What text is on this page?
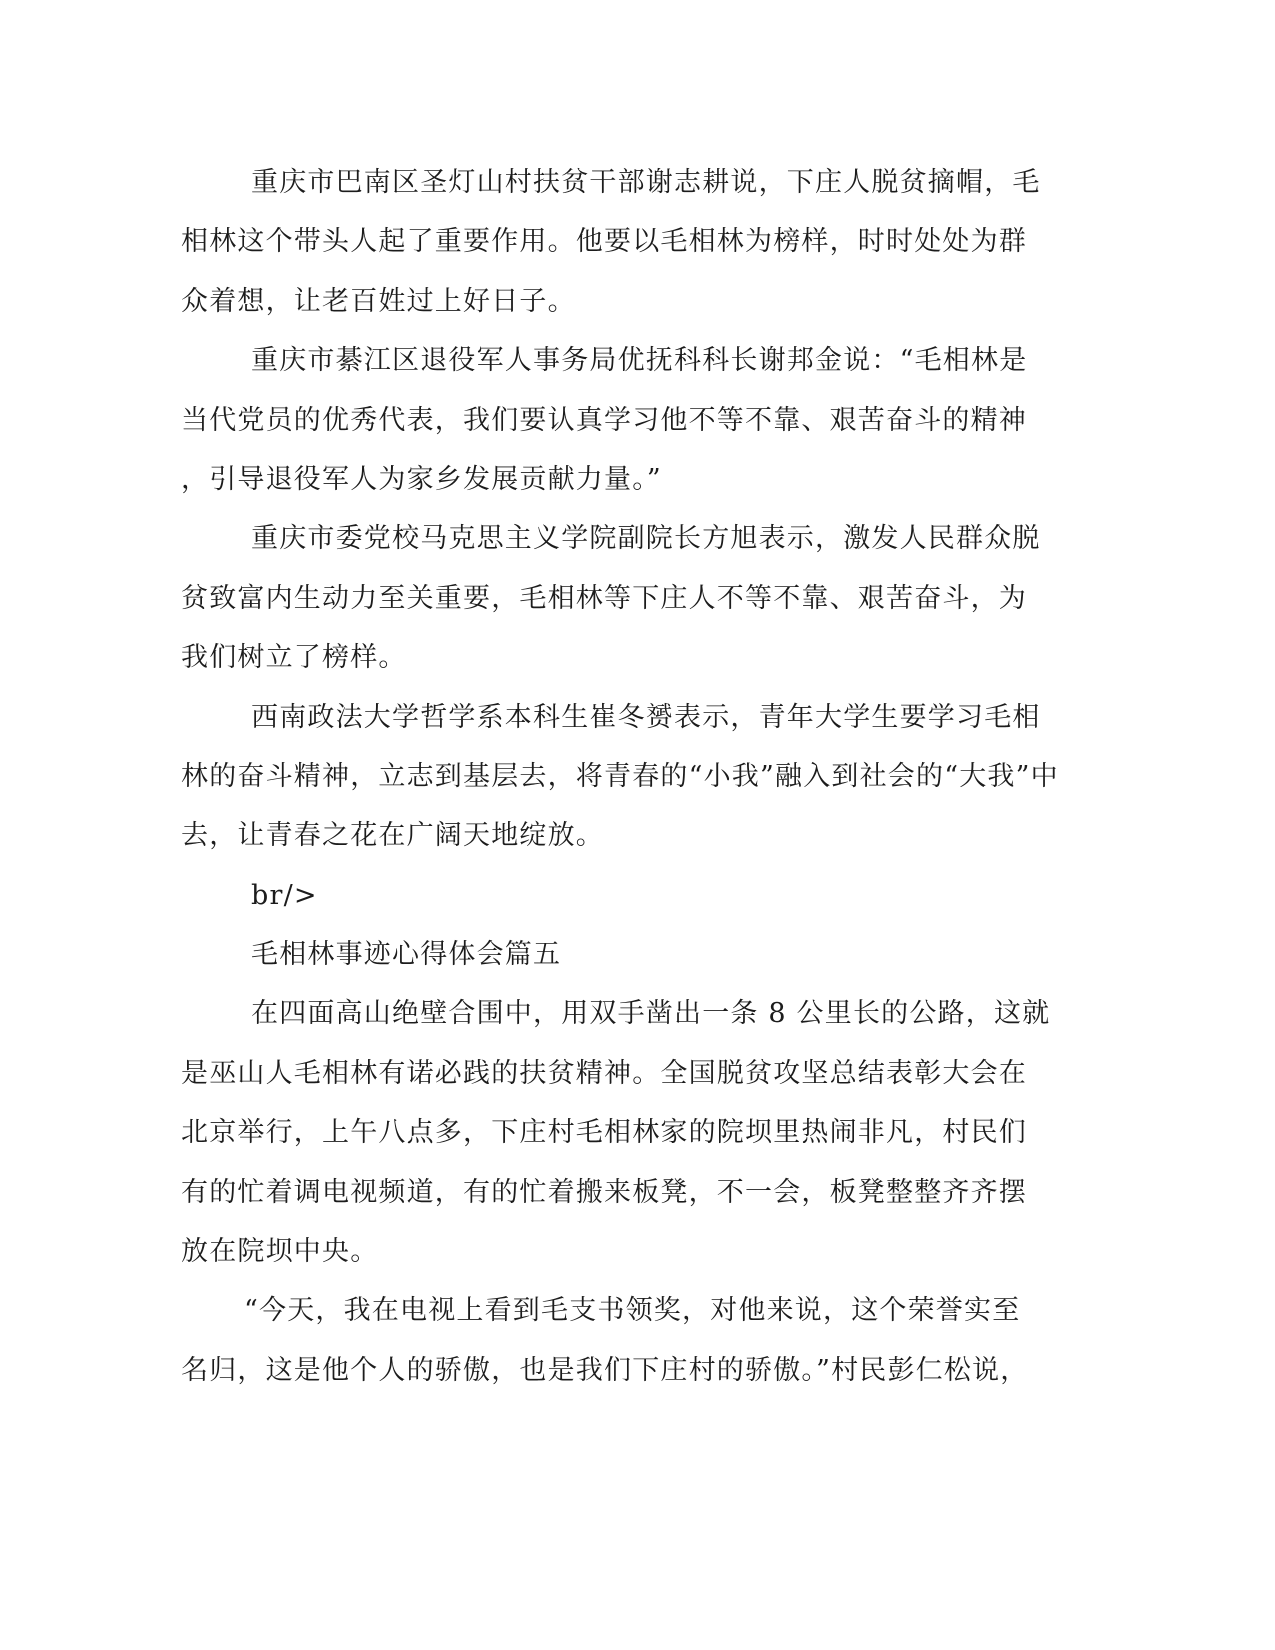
重庆市巴南区圣灯山村扶贫干部谢志耕说，下庄人脱贫摘帽，毛
相林这个带头人起了重要作用。他要以毛相林为榜样，时时处处为群
众着想，让老百姓过上好日子。
重庆市綦江区退役军人事务局优抚科科长谢邦金说：“毛相林是
当代党员的优秀代表，我们要认真学习他不等不靠、艰苦奋斗的精神
，引导退役军人为家乡发展贡献力量。”
重庆市委党校马克思主义学院副院长方旭表示，激发人民群众脱
贫致富内生动力至关重要，毛相林等下庄人不等不靠、艰苦奋斗，为
我们树立了榜样。
西南政法大学哲学系本科生崔冬赟表示，青年大学生要学习毛相
林的奋斗精神，立志到基层去，将青春的“小我”融入到社会的“大我”中
去，让青春之花在广阔天地绽放。
br/>
毛相林事迹心得体会篇五
在四面高山绝壁合围中，用双手凿出一条 8 公里长的公路，这就
是巫山人毛相林有诺必践的扶贫精神。全国脱贫攻坚总结表彰大会在
北京举行，上午八点多，下庄村毛相林家的院坝里热闹非凡，村民们
有的忙着调电视频道，有的忙着搬来板凳，不一会，板凳整整齐齐摆
放在院坝中央。
“今天，我在电视上看到毛支书领奖，对他来说，这个荣誉实至
名归，这是他个人的骄傲，也是我们下庄村的骄傲。”村民彭仁松说，
